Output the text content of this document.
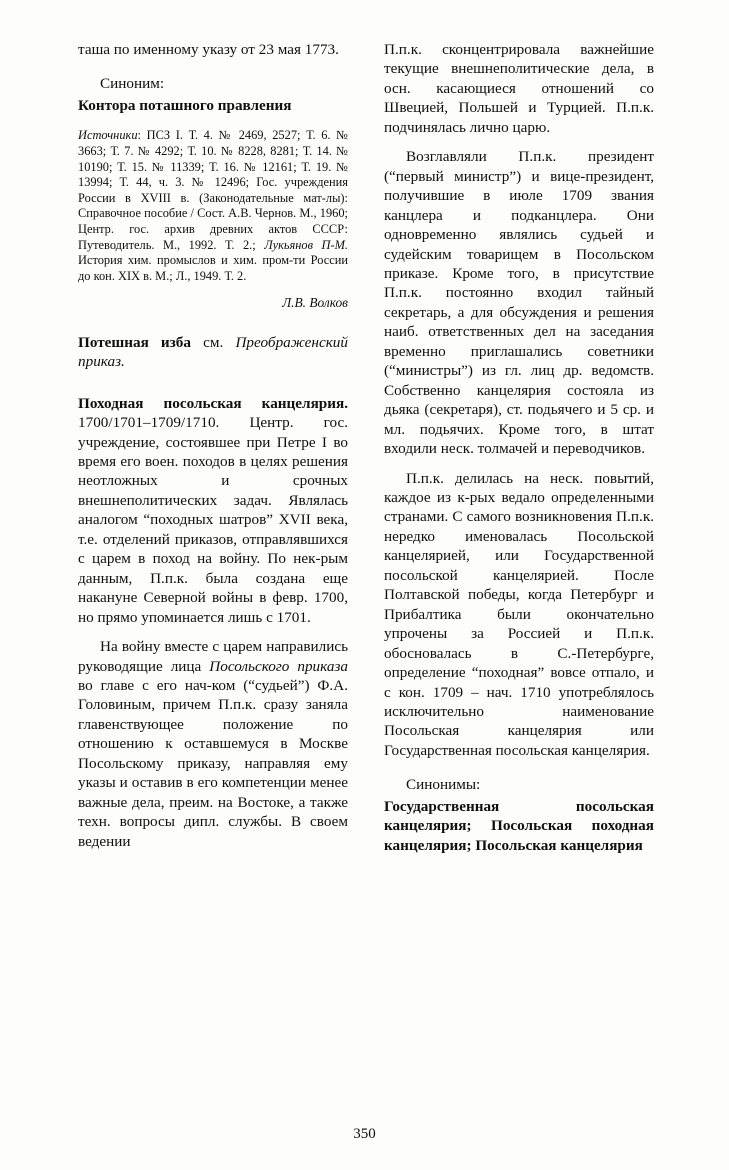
таша по именному указу от 23 мая 1773.

Синоним:

Контора поташного правления

Источники: ПСЗ I. Т. 4. № 2469, 2527; Т. 6. № 3663; Т. 7. № 4292; Т. 10. № 8228, 8281; Т. 14. № 10190; Т. 15. № 11339; Т. 16. № 12161; Т. 19. № 13994; Т. 44, ч. 3. № 12496; Гос. учреждения России в XVIII в. (Законодательные мат-лы): Справочное пособие / Сост. А.В. Чернов. М., 1960; Центр. гос. архив древних актов СССР: Путеводитель. М., 1992. Т. 2.; Лукьянов П-М. История хим. промыслов и хим. пром-ти России до кон. XIX в. М.; Л., 1949. Т. 2.

Л.В. Волков

Потешная изба см. Преображенский приказ.

Походная посольская канцелярия. 1700/1701–1709/1710. Центр. гос. учреждение, состоявшее при Петре I во время его воен. походов в целях решения неотложных и срочных внешнеполитических задач. Являлась аналогом “походных шатров” XVII века, т.е. отделений приказов, отправлявшихся с царем в поход на войну. По нек-рым данным, П.п.к. была создана еще накануне Северной войны в февр. 1700, но прямо упоминается лишь с 1701.

На войну вместе с царем направились руководящие лица Посольского приказа во главе с его нач-ком (“судьей”) Ф.А. Головиным, причем П.п.к. сразу заняла главенствующее положение по отношению к оставшемуся в Москве Посольскому приказу, направляя ему указы и оставив в его компетенции менее важные дела, преим. на Востоке, а также техн. вопросы дипл. службы. В своем ведении

П.п.к. сконцентрировала важнейшие текущие внешнеполитические дела, в осн. касающиеся отношений со Швецией, Польшей и Турцией. П.п.к. подчинялась лично царю.

Возглавляли П.п.к. президент (“первый министр”) и вице-президент, получившие в июле 1709 звания канцлера и подканцлера. Они одновременно являлись судьей и судейским товарищем в Посольском приказе. Кроме того, в присутствие П.п.к. постоянно входил тайный секретарь, а для обсуждения и решения наиб. ответственных дел на заседания временно приглашались советники (“министры”) из гл. лиц др. ведомств. Собственно канцелярия состояла из дьяка (секретаря), ст. подьячего и 5 ср. и мл. подьячих. Кроме того, в штат входили неск. толмачей и переводчиков.

П.п.к. делилась на неск. повытий, каждое из к-рых ведало определенными странами. С самого возникновения П.п.к. нередко именовалась Посольской канцелярией, или Государственной посольской канцелярией. После Полтавской победы, когда Петербург и Прибалтика были окончательно упрочены за Россией и П.п.к. обосновалась в С.-Петербурге, определение “походная” вовсе отпало, и с кон. 1709 – нач. 1710 употреблялось исключительно наименование Посольская канцелярия или Государственная посольская канцелярия.

Синонимы:

Государственная посольская канцелярия; Посольская походная канцелярия; Посольская канцелярия

350
